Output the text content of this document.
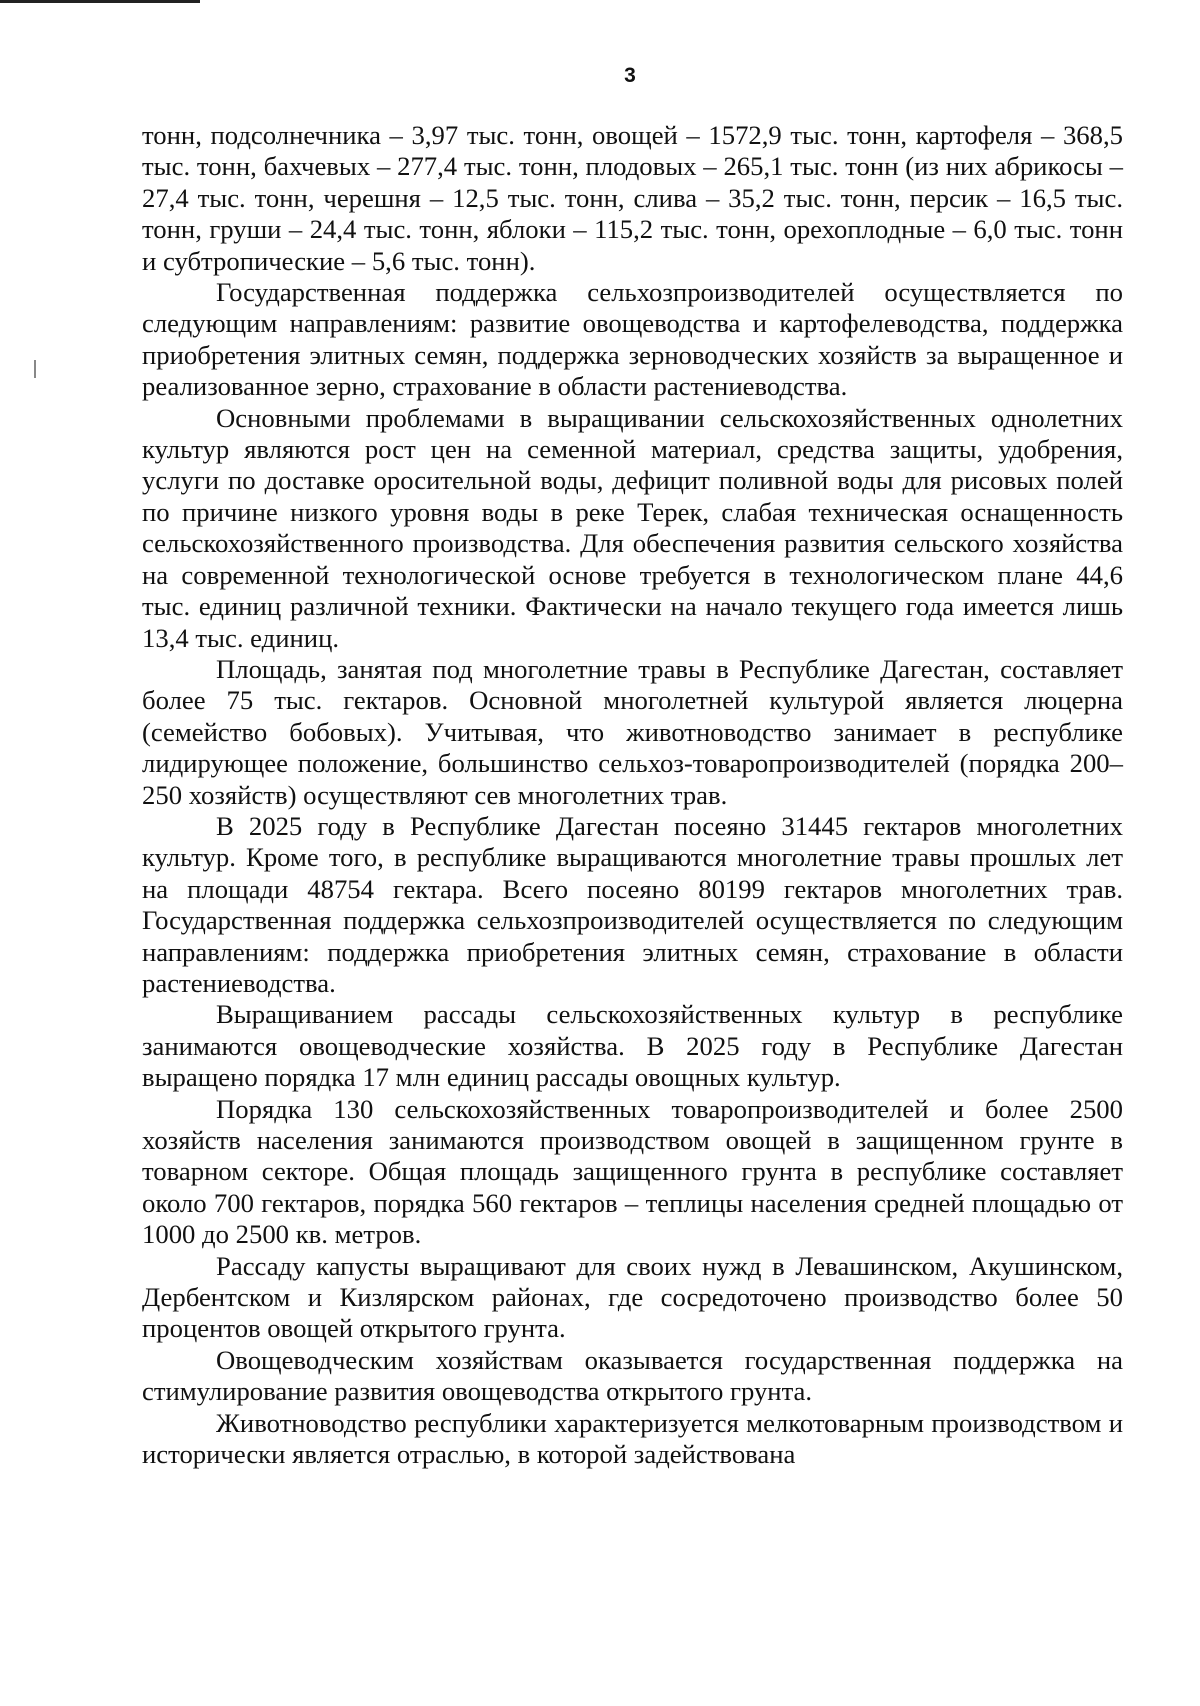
3

тонн, подсолнечника – 3,97 тыс. тонн, овощей – 1572,9 тыс. тонн, картофеля – 368,5 тыс. тонн, бахчевых – 277,4 тыс. тонн, плодовых – 265,1 тыс. тонн (из них абрикосы – 27,4 тыс. тонн, черешня – 12,5 тыс. тонн, слива – 35,2 тыс. тонн, персик – 16,5 тыс. тонн, груши – 24,4 тыс. тонн, яблоки – 115,2 тыс. тонн, орехоплодные – 6,0 тыс. тонн и субтропические – 5,6 тыс. тонн).

Государственная поддержка сельхозпроизводителей осуществляется по следующим направлениям: развитие овощеводства и картофелеводства, поддержка приобретения элитных семян, поддержка зерноводческих хозяйств за выращенное и реализованное зерно, страхование в области растениеводства.

Основными проблемами в выращивании сельскохозяйственных однолетних культур являются рост цен на семенной материал, средства защиты, удобрения, услуги по доставке оросительной воды, дефицит поливной воды для рисовых полей по причине низкого уровня воды в реке Терек, слабая техническая оснащенность сельскохозяйственного производства. Для обеспечения развития сельского хозяйства на современной технологической основе требуется в технологическом плане 44,6 тыс. единиц различной техники. Фактически на начало текущего года имеется лишь 13,4 тыс. единиц.

Площадь, занятая под многолетние травы в Республике Дагестан, составляет более 75 тыс. гектаров. Основной многолетней культурой является люцерна (семейство бобовых). Учитывая, что животноводство занимает в республике лидирующее положение, большинство сельхоз-товаропроизводителей (порядка 200–250 хозяйств) осуществляют сев многолетних трав.

В 2025 году в Республике Дагестан посеяно 31445 гектаров многолетних культур. Кроме того, в республике выращиваются многолетние травы прошлых лет на площади 48754 гектара. Всего посеяно 80199 гектаров многолетних трав. Государственная поддержка сельхозпроизводителей осуществляется по следующим направлениям: поддержка приобретения элитных семян, страхование в области растениеводства.

Выращиванием рассады сельскохозяйственных культур в республике занимаются овощеводческие хозяйства. В 2025 году в Республике Дагестан выращено порядка 17 млн единиц рассады овощных культур.

Порядка 130 сельскохозяйственных товаропроизводителей и более 2500 хозяйств населения занимаются производством овощей в защищенном грунте в товарном секторе. Общая площадь защищенного грунта в республике составляет около 700 гектаров, порядка 560 гектаров – теплицы населения средней площадью от 1000 до 2500 кв. метров.

Рассаду капусты выращивают для своих нужд в Левашинском, Акушинском, Дербентском и Кизлярском районах, где сосредоточено производство более 50 процентов овощей открытого грунта.

Овощеводческим хозяйствам оказывается государственная поддержка на стимулирование развития овощеводства открытого грунта.

Животноводство республики характеризуется мелкотоварным производством и исторически является отраслью, в которой задействована
